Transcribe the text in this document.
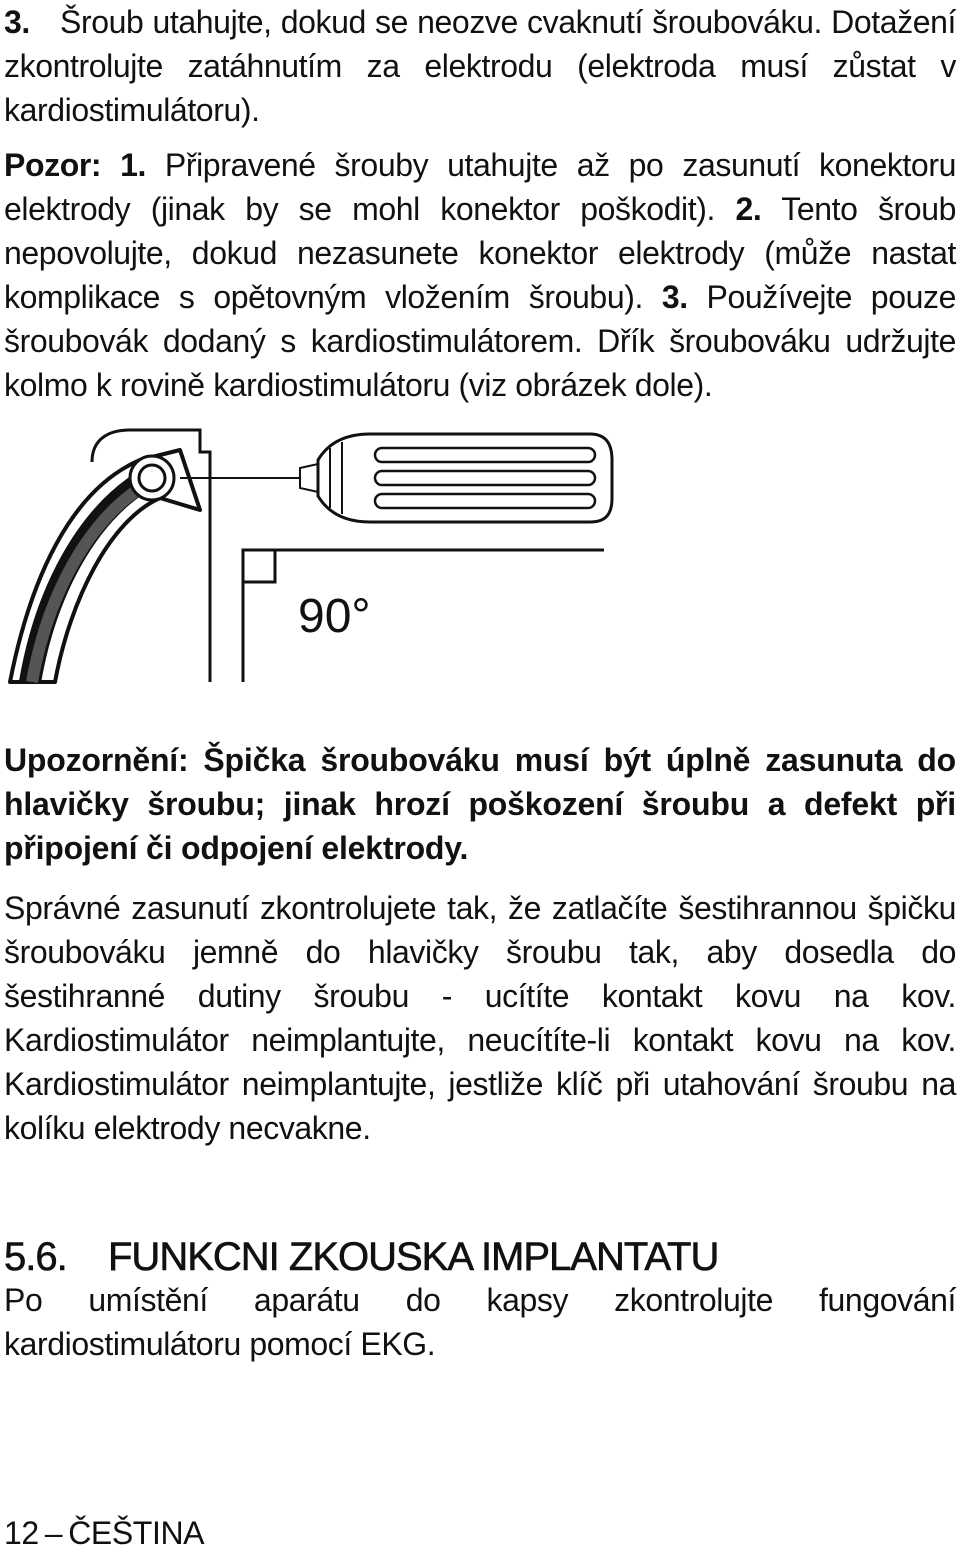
3. Šroub utahujte, dokud se neozve cvaknutí šroubováku. Dotažení zkontrolujte zatáhnutím za elektrodu (elektroda musí zůstat v kardiostimulátoru).

Pozor: 1. Připravené šrouby utahujte až po zasunutí konektoru elektrody (jinak by se mohl konektor poškodit). 2. Tento šroub nepovolujte, dokud nezasunete konektor elektrody (může nastat komplikace s opětovným vložením šroubu). 3. Používejte pouze šroubovák dodaný s kardiostimulátorem. Dřík šroubováku udržujte kolmo k rovině kardiostimulátoru (viz obrázek dole).

90°

Upozornění: Špička šroubováku musí být úplně zasunuta do hlavičky šroubu; jinak hrozí poškození šroubu a defekt při připojení či odpojení elektrody.

Správné zasunutí zkontrolujete tak, že zatlačíte šestihrannou špičku šroubováku jemně do hlavičky šroubu tak, aby dosedla do šestihranné dutiny šroubu - ucítíte kontakt kovu na kov. Kardiostimulátor neimplantujte, neucítíte-li kontakt kovu na kov. Kardiostimulátor neimplantujte, jestliže klíč při utahování šroubu na kolíku elektrody necvakne.

5.6. FUNKCNI ZKOUSKA IMPLANTATU

Po umístění aparátu do kapsy zkontrolujte fungování kardiostimulátoru pomocí EKG.

12 – ČEŠTINA
